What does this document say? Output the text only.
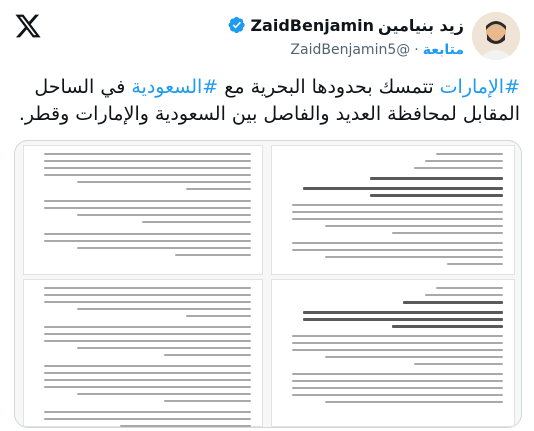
زيد بنيامين
ZaidBenjamin
متابعة
·
@ZaidBenjamin5
#الإمارات تتمسك بحدودها البحرية مع #السعودية في الساحل
المقابل لمحافظة العديد والفاصل بين السعودية والإمارات وقطر.
